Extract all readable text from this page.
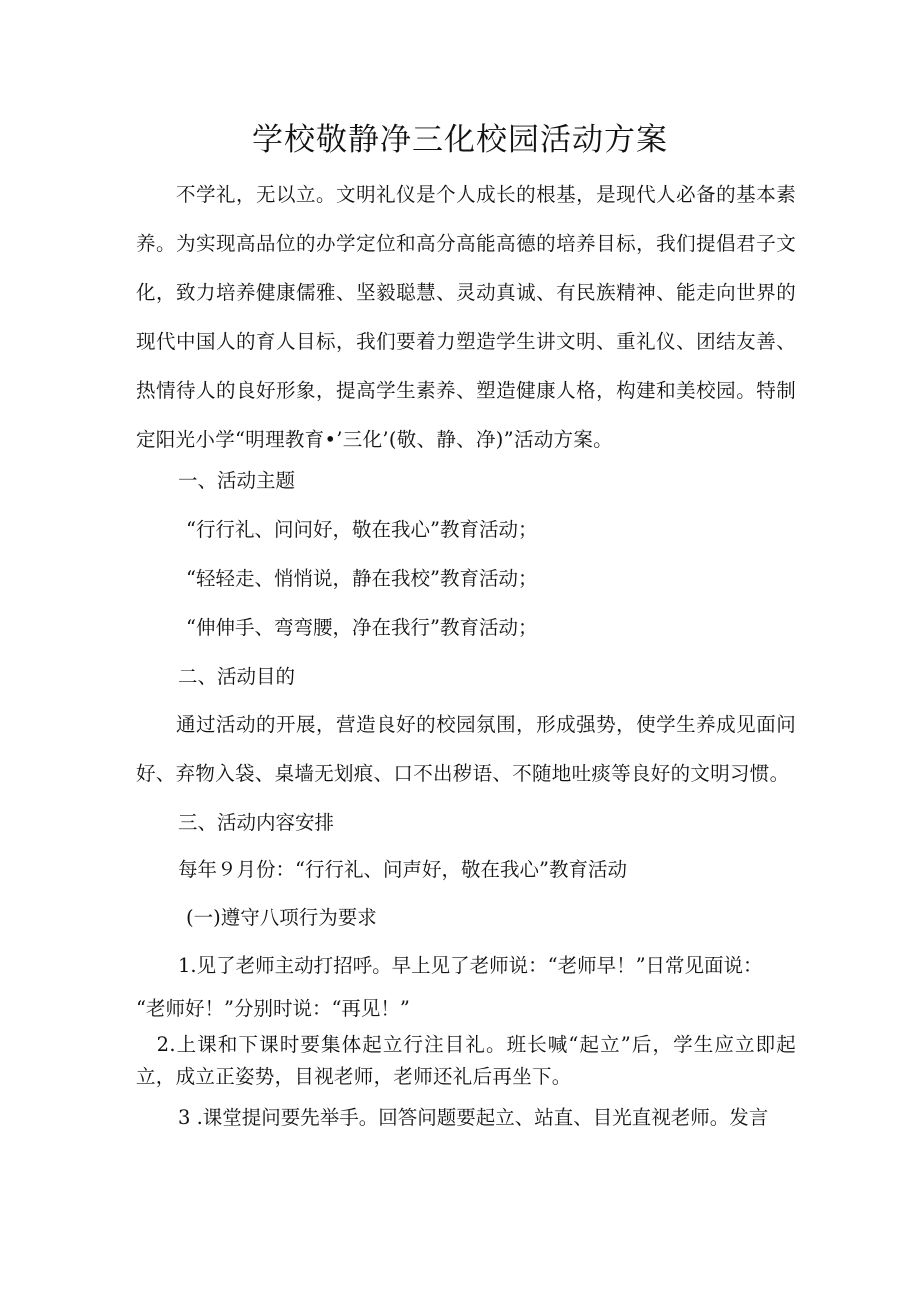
学校敬静净三化校园活动方案
　　不学礼，无以立。文明礼仪是个人成长的根基，是现代人必备的基本素养。为实现高品位的办学定位和高分高能高德的培养目标，我们提倡君子文化，致力培养健康儒雅、坚毅聪慧、灵动真诚、有民族精神、能走向世界的现代中国人的育人目标，我们要着力塑造学生讲文明、重礼仪、团结友善、热情待人的良好形象，提高学生素养、塑造健康人格，构建和美校园。特制定阳光小学“明理教育•’三化’(敬、静、净)”活动方案。
一、活动主题
“行行礼、问问好，敬在我心”教育活动；
“轻轻走、悄悄说，静在我校”教育活动；
“伸伸手、弯弯腰，净在我行”教育活动；
二、活动目的
　　通过活动的开展，营造良好的校园氛围，形成强势，使学生养成见面问好、弃物入袋、桌墙无划痕、口不出秽语、不随地吐痰等良好的文明习惯。
三、活动内容安排
每年９月份：“行行礼、问声好，敬在我心”教育活动
(一)遵守八项行为要求
1.见了老师主动打招呼。早上见了老师说：“老师早！”日常见面说：
“老师好！”分别时说：“再见！”
　2.上课和下课时要集体起立行注目礼。班长喊“起立”后，学生应立即起立，成立正姿势，目视老师，老师还礼后再坐下。
3 .课堂提问要先举手。回答问题要起立、站直、目光直视老师。发言
